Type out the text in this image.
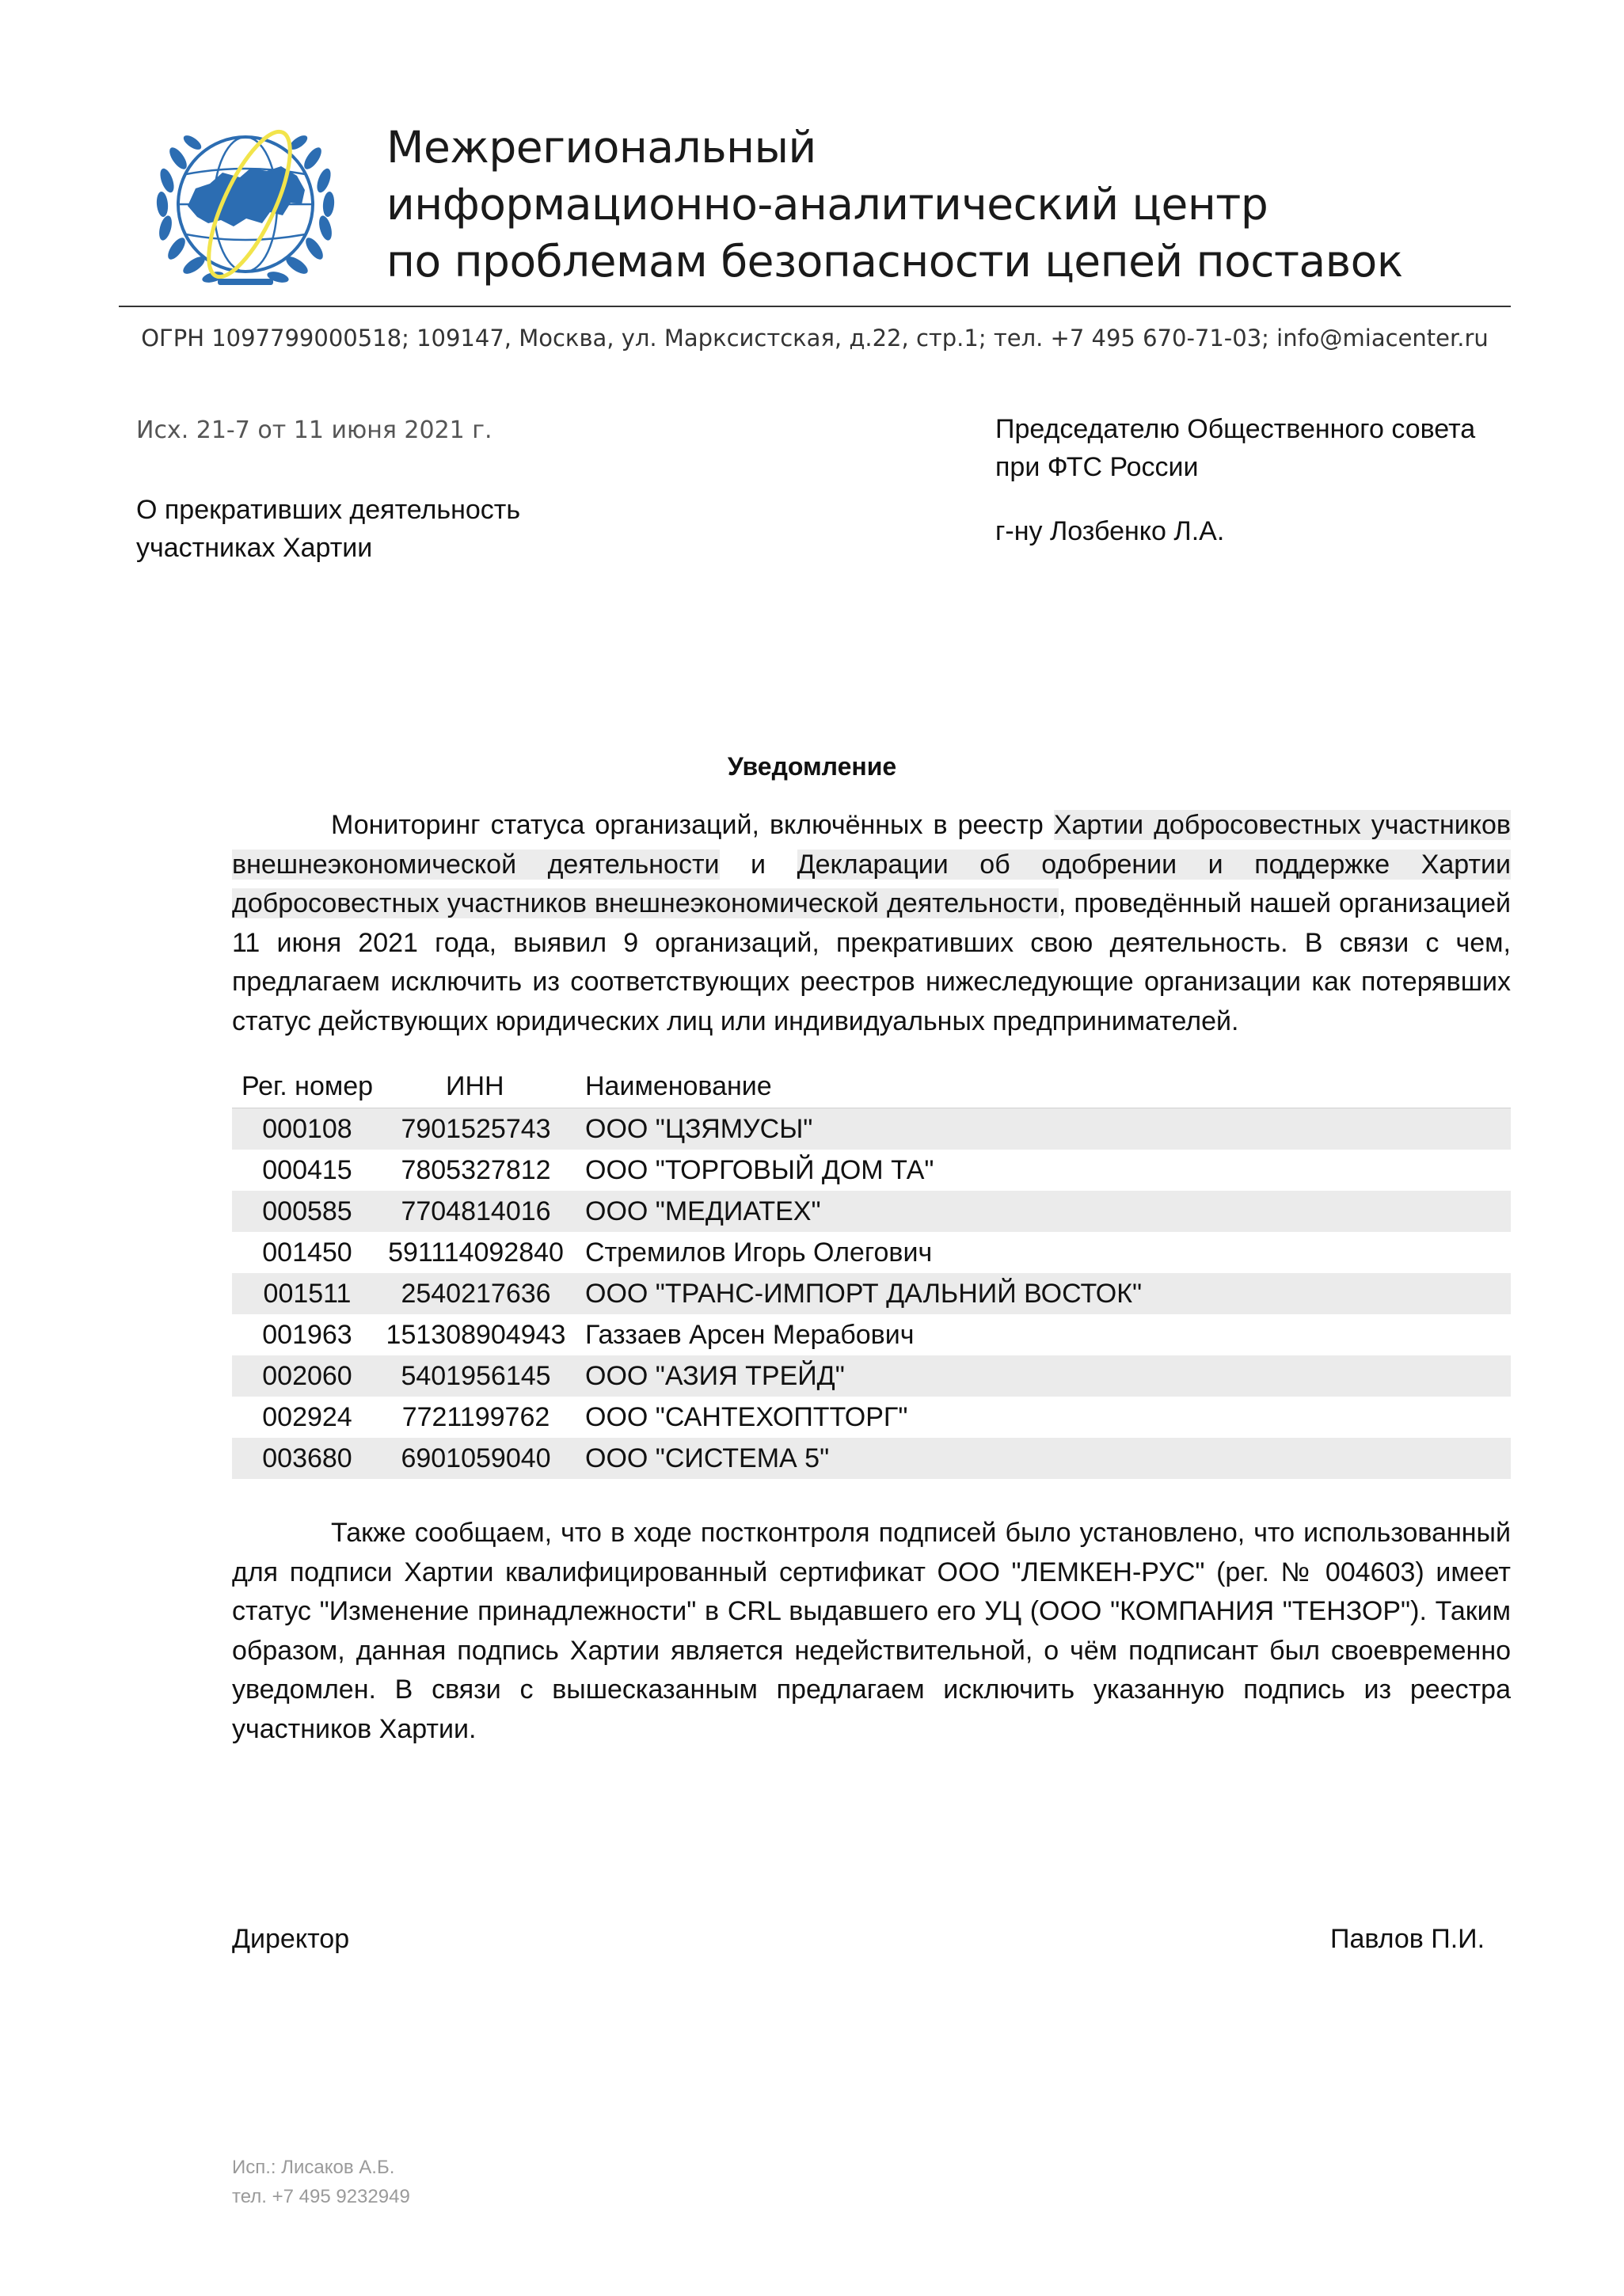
Межрегиональный
информационно-аналитический центр
по проблемам безопасности цепей поставок
ОГРН 1097799000518; 109147, Москва, ул. Марксистская, д.22, стр.1; тел. +7 495 670-71-03; info@miacenter.ru
Исх. 21-7 от 11 июня 2021 г.
О прекративших деятельность
участниках Хартии
Председателю Общественного совета
при ФТС России
г-ну Лозбенко Л.А.
Уведомление
Мониторинг статуса организаций, включённых в реестр Хартии добросовестных участников внешнеэкономической деятельности и Декларации об одобрении и поддержке Хартии добросовестных участников внешнеэкономической деятельности, проведённый нашей организацией 11 июня 2021 года, выявил 9 организаций, прекративших свою деятельность. В связи с чем, предлагаем исключить из соответствующих реестров нижеследующие организации как потерявших статус действующих юридических лиц или индивидуальных предпринимателей.
Рег. номер	ИНН	Наименование
000108	7901525743	ООО "ЦЗЯМУСЫ"
000415	7805327812	ООО "ТОРГОВЫЙ ДОМ ТА"
000585	7704814016	ООО "МЕДИАТЕХ"
001450	591114092840 Стремилов Игорь Олегович
001511	2540217636	ООО "ТРАНС-ИМПОРТ ДАЛЬНИЙ ВОСТОК"
001963	151308904943 Газзаев Арсен Мерабович
002060	5401956145	ООО "АЗИЯ ТРЕЙД"
002924	7721199762	ООО "САНТЕХОПТТОРГ"
003680	6901059040	ООО "СИСТЕМА 5"
Также сообщаем, что в ходе постконтроля подписей было установлено, что использованный для подписи Хартии квалифицированный сертификат ООО "ЛЕМКЕН-РУС" (рег. № 004603) имеет статус "Изменение принадлежности" в CRL выдавшего его УЦ (ООО "КОМПАНИЯ "ТЕНЗОР"). Таким образом, данная подпись Хартии является недействительной, о чём подписант был своевременно уведомлен. В связи с вышесказанным предлагаем исключить указанную подпись из реестра участников Хартии.
Директор	Павлов П.И.
Исп.: Лисаков А.Б.
тел. +7 495 9232949
